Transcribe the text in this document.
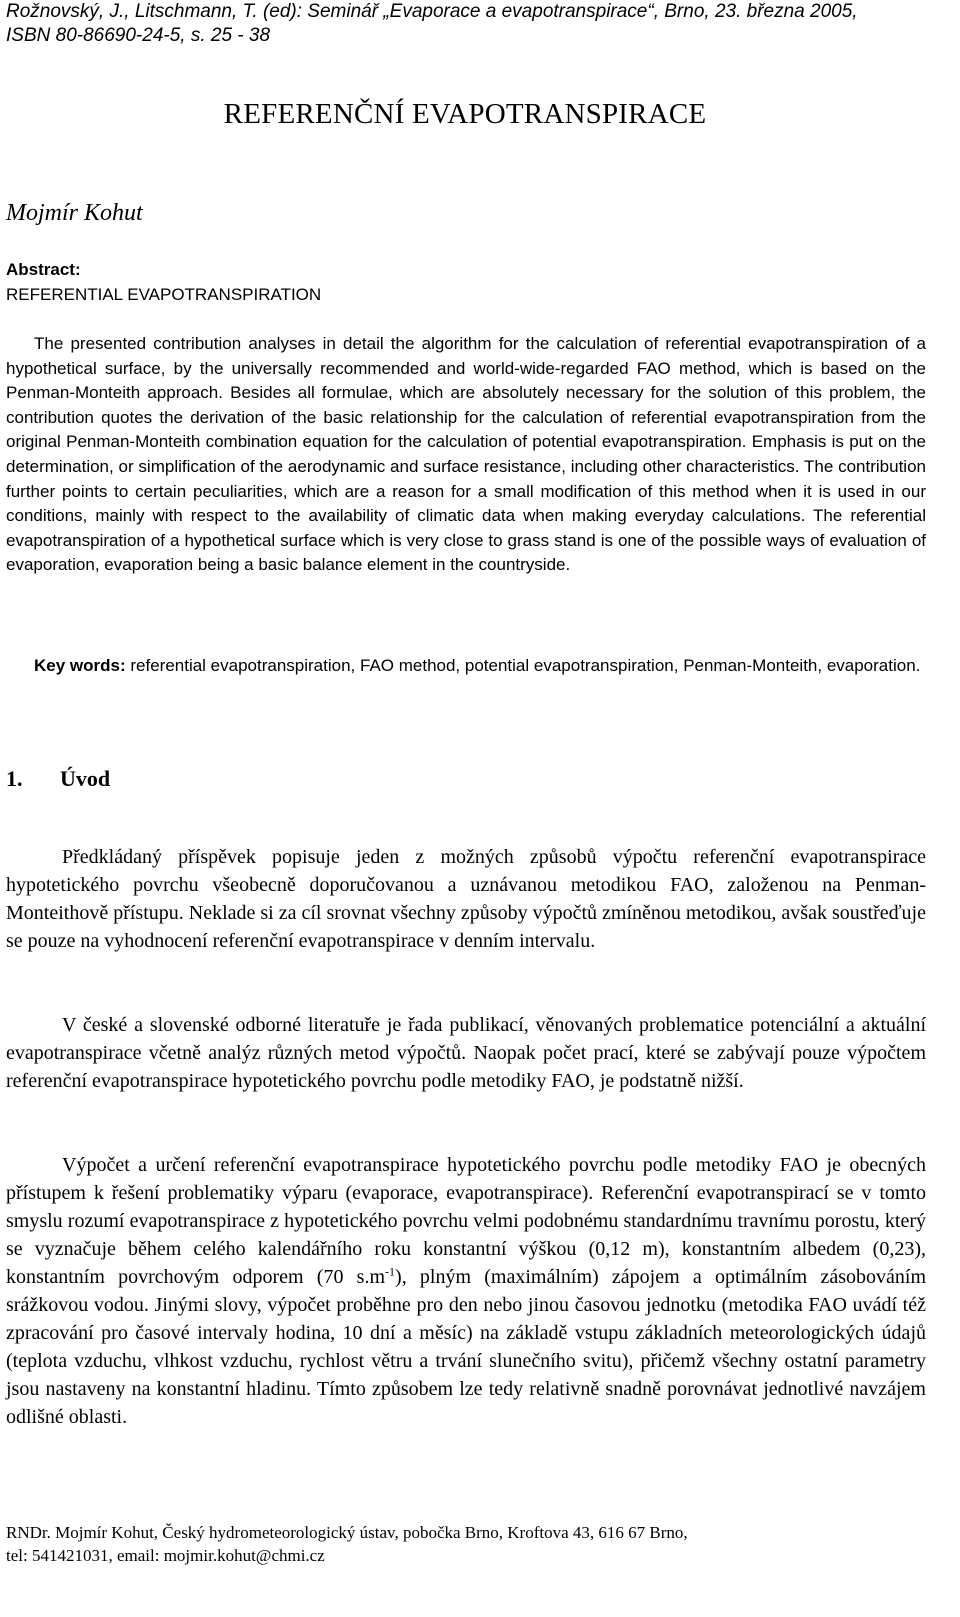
Rožnovský, J., Litschmann, T. (ed): Seminář „Evaporace a evapotranspirace“, Brno, 23. března 2005,
ISBN 80-86690-24-5, s. 25 - 38
REFERENČNÍ EVAPOTRANSPIRACE
Mojmír Kohut
Abstract:
REFERENTIAL EVAPOTRANSPIRATION

The presented contribution analyses in detail the algorithm for the calculation of referential evapotranspiration of a hypothetical surface, by the universally recommended and world-wide-regarded FAO method, which is based on the Penman-Monteith approach. Besides all formulae, which are absolutely necessary for the solution of this problem, the contribution quotes the derivation of the basic relationship for the calculation of referential evapotranspiration from the original Penman-Monteith combination equation for the calculation of potential evapotranspiration. Emphasis is put on the determination, or simplification of the aerodynamic and surface resistance, including other characteristics. The contribution further points to certain peculiarities, which are a reason for a small modification of this method when it is used in our conditions, mainly with respect to the availability of climatic data when making everyday calculations. The referential evapotranspiration of a hypothetical surface which is very close to grass stand is one of the possible ways of evaluation of evaporation, evaporation being a basic balance element in the countryside.

Key words: referential evapotranspiration, FAO method, potential evapotranspiration, Penman-Monteith, evaporation.

1. Úvod

Předkládaný příspěvek popisuje jeden z možných způsobů výpočtu referenční evapotranspirace hypotetického povrchu všeobecně doporučovanou a uznávanou metodikou FAO, založenou na Penman-Monteithově přístupu. Neklade si za cíl srovnat všechny způsoby výpočtů zmíněnou metodikou, avšak soustřeďuje se pouze na vyhodnocení referenční evapotranspirace v denním intervalu.

V české a slovenské odborné literatuře je řada publikací, věnovaných problematice potenciální a aktuální evapotranspirace včetně analýz různých metod výpočtů. Naopak počet prací, které se zabývají pouze výpočtem referenční evapotranspirace hypotetického povrchu podle metodiky FAO, je podstatně nižší.

Výpočet a určení referenční evapotranspirace hypotetického povrchu podle metodiky FAO je obecných přístupem k řešení problematiky výparu (evaporace, evapotranspirace). Referenční evapotranspirací se v tomto smyslu rozumí evapotranspirace z hypotetického povrchu velmi podobnému standardnímu travnímu porostu, který se vyznačuje během celého kalendářního roku konstantní výškou (0,12 m), konstantním albedem (0,23), konstantním povrchovým odporem (70 $s.m^{-1}$), plným (maximálním) zápojem a optimálním zásobováním srážkovou vodou. Jinými slovy, výpočet proběhne pro den nebo jinou časovou jednotku (metodika FAO uvádí též zpracování pro časové intervaly hodina, 10 dní a měsíc) na základě vstupu základních meteorologických údajů (teplota vzduchu, vlhkost vzduchu, rychlost větru a trvání slunečního svitu), přičemž všechny ostatní parametry jsou nastaveny na konstantní hladinu. Tímto způsobem lze tedy relativně snadně porovnávat jednotlivé navzájem odlišné oblasti.

RNDr. Mojmír Kohut, Český hydrometeorologický ústav, pobočka Brno, Kroftova 43, 616 67 Brno,
tel: 541421031, email: mojmir.kohut@chmi.cz
